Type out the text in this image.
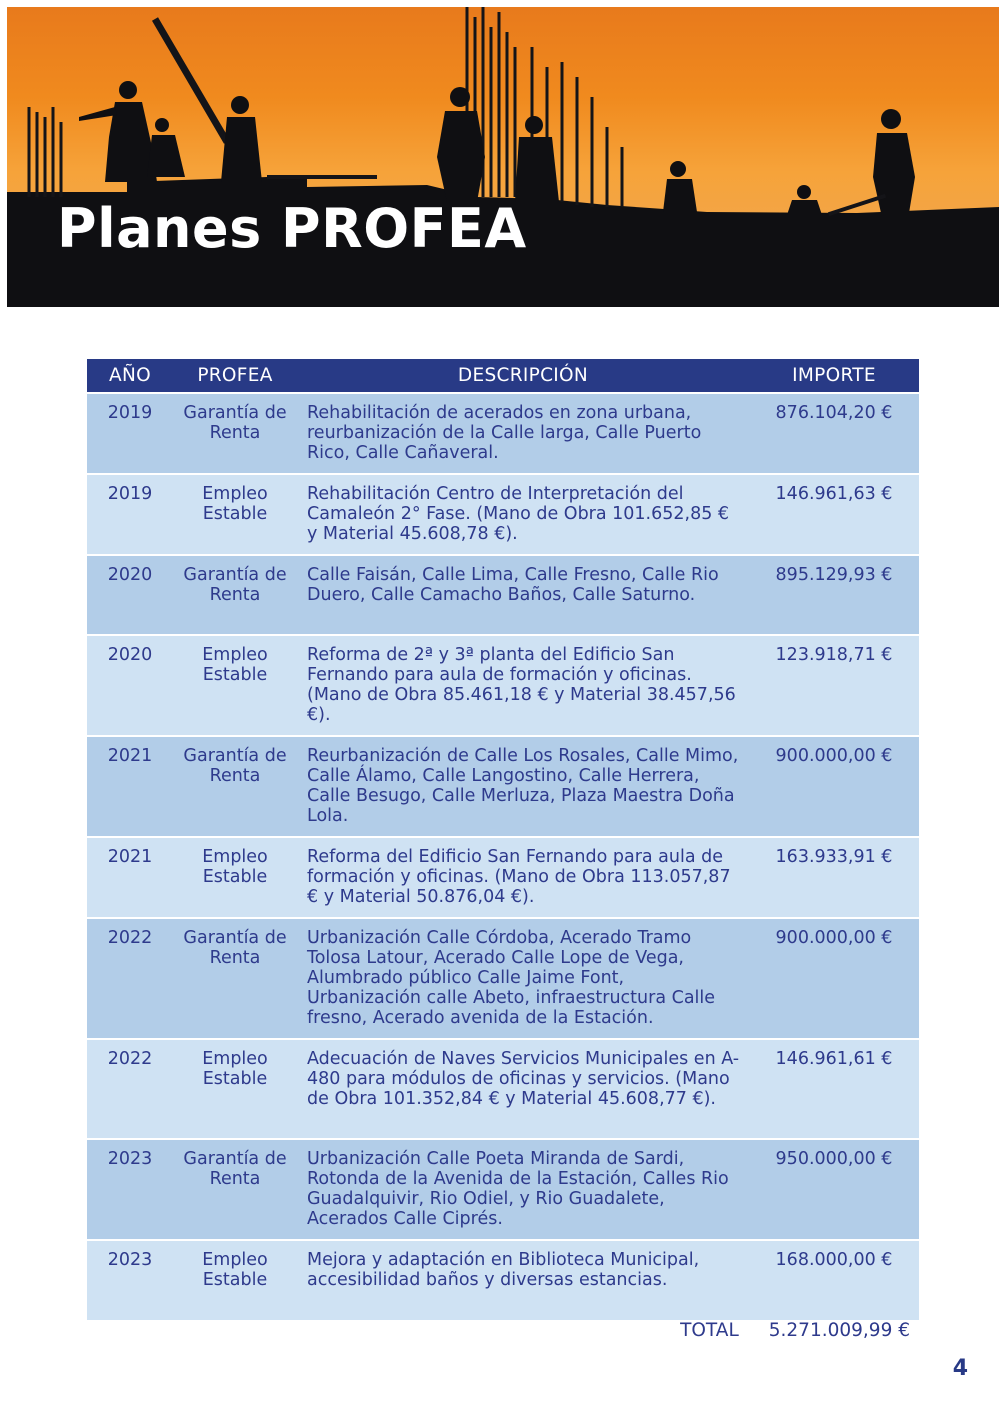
Planes PROFEA
AÑO	PROFEA	DESCRIPCIÓN	IMPORTE
2019	Garantía de Renta	Rehabilitación de acerados en zona urbana, reurbanización de la Calle larga, Calle Puerto Rico, Calle Cañaveral.	876.104,20 €
2019	Empleo Estable	Rehabilitación Centro de Interpretación del Camaleón 2° Fase. (Mano de Obra 101.652,85 € y Material 45.608,78 €).	146.961,63 €
2020	Garantía de Renta	Calle Faisán, Calle Lima, Calle Fresno, Calle Rio Duero, Calle Camacho Baños, Calle Saturno.	895.129,93 €
2020	Empleo Estable	Reforma de 2ª y 3ª planta del Edificio San Fernando para aula de formación y oficinas. (Mano de Obra 85.461,18 € y Material 38.457,56 €).	123.918,71 €
2021	Garantía de Renta	Reurbanización de Calle Los Rosales, Calle Mimo, Calle Álamo, Calle Langostino, Calle Herrera, Calle Besugo, Calle Merluza, Plaza Maestra Doña Lola.	900.000,00 €
2021	Empleo Estable	Reforma del Edificio San Fernando para aula de formación y oficinas. (Mano de Obra 113.057,87 € y Material 50.876,04 €).	163.933,91 €
2022	Garantía de Renta	Urbanización Calle Córdoba, Acerado Tramo Tolosa Latour, Acerado Calle Lope de Vega, Alumbrado público Calle Jaime Font, Urbanización calle Abeto, infraestructura Calle fresno, Acerado avenida de la Estación.	900.000,00 €
2022	Empleo Estable	Adecuación de Naves Servicios Municipales en A-480 para módulos de oficinas y servicios. (Mano de Obra 101.352,84 € y Material 45.608,77 €).	146.961,61 €
2023	Garantía de Renta	Urbanización Calle Poeta Miranda de Sardi, Rotonda de la Avenida de la Estación, Calles Rio Guadalquivir, Rio Odiel, y Rio Guadalete, Acerados Calle Ciprés.	950.000,00 €
2023	Empleo Estable	Mejora y adaptación en Biblioteca Municipal, accesibilidad baños y diversas estancias.	168.000,00 €
TOTAL 5.271.009,99 €
4
